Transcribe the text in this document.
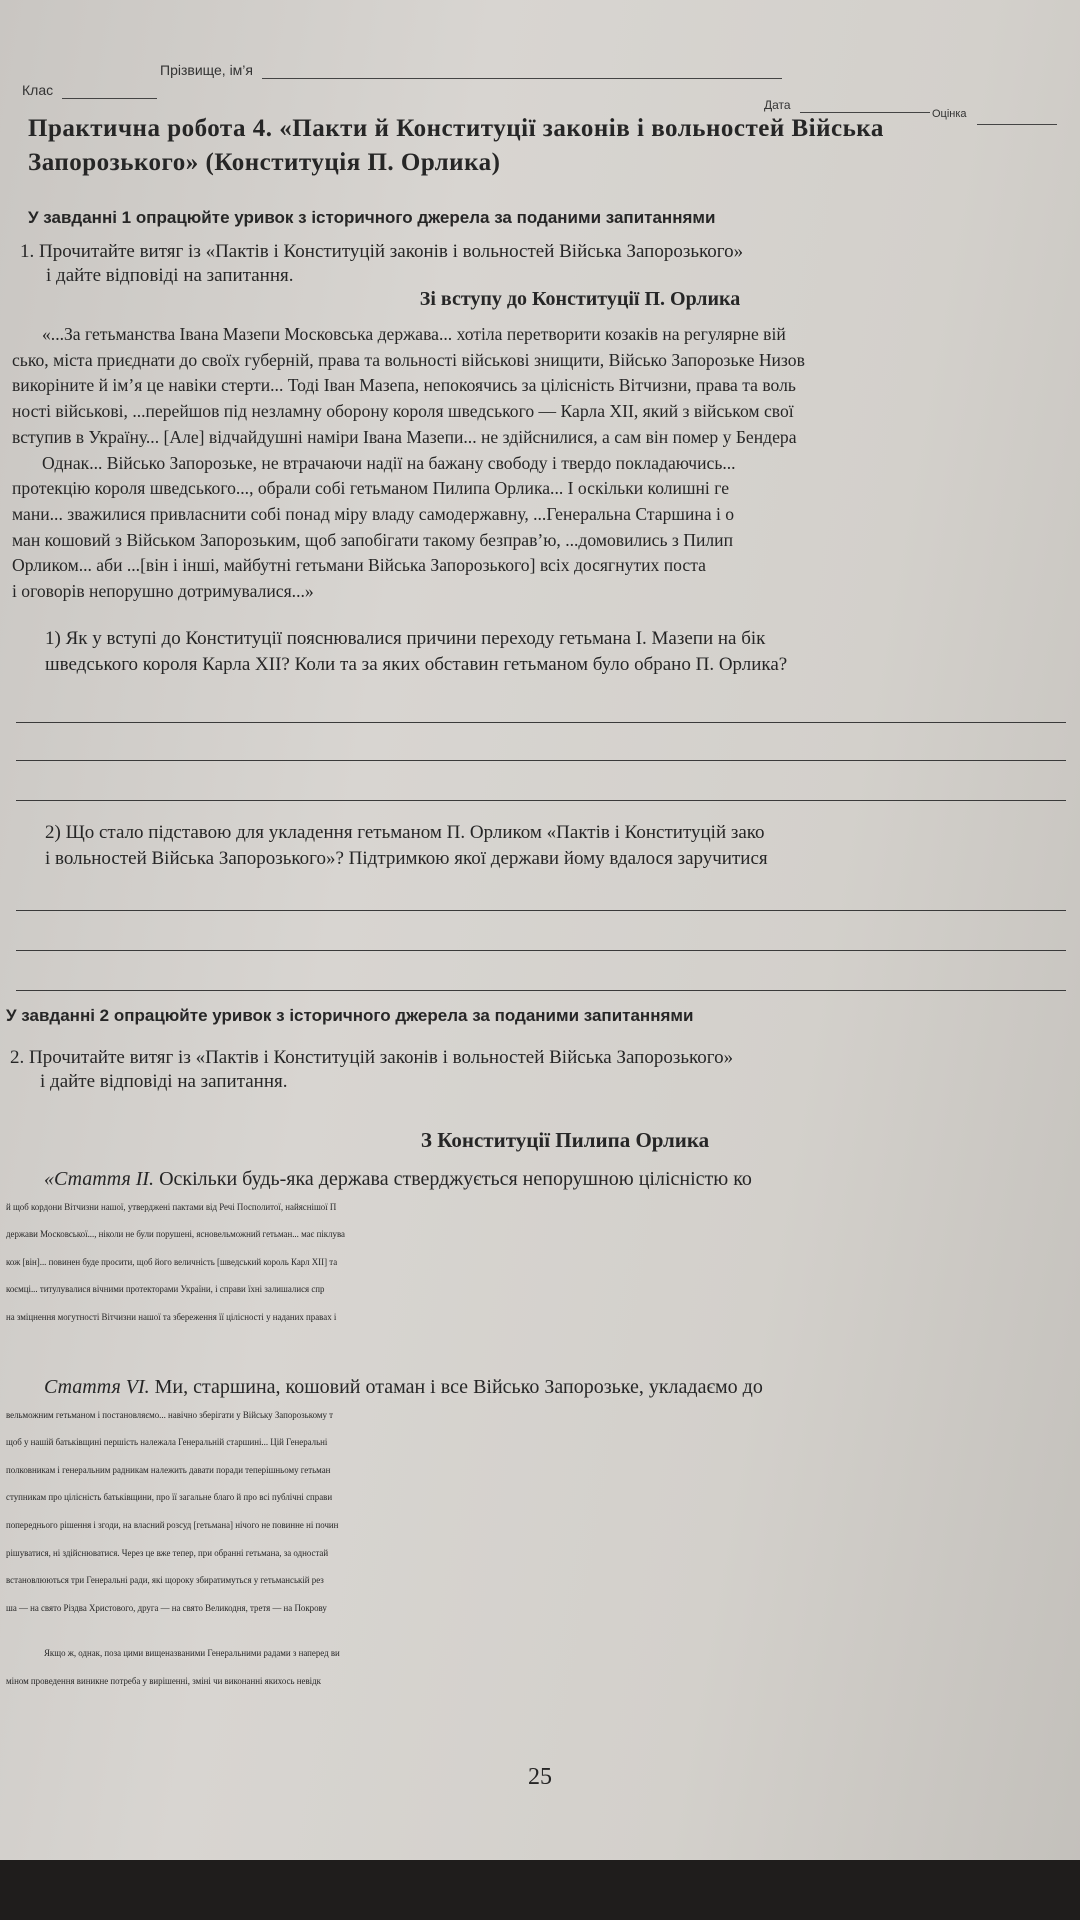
Клас
Прізвище, ім’я
Дата
Оцінка
Практична робота 4. «Пакти й Конституції законів і вольностей Війська
Запорозького» (Конституція П. Орлика)
У завданні 1 опрацюйте уривок з історичного джерела за поданими запитаннями
1. Прочитайте витяг із «Пактів і Конституцій законів і вольностей Війська Запорозького»
і дайте відповіді на запитання.
Зі вступу до Конституції П. Орлика
«...За гетьманства Івана Мазепи Московська держава... хотіла перетворити козаків на регулярне вій
сько, міста приєднати до своїх губерній, права та вольності військові знищити, Військо Запорозьке Низов
викоріните й ім’я це навіки стерти... Тоді Іван Мазепа, непокоячись за цілісність Вітчизни, права та воль
ності військові, ...перейшов під незламну оборону короля шведського — Карла ХІІ, який з військом свої
вступив в Україну... [Але] відчайдушні наміри Івана Мазепи... не здійснилися, а сам він помер у Бендера
Однак... Військо Запорозьке, не втрачаючи надії на бажану свободу і твердо покладаючись...
протекцію короля шведського..., обрали собі гетьманом Пилипа Орлика... І оскільки колишні ге
мани... зважилися привласнити собі понад міру владу самодержавну, ...Генеральна Старшина і о
ман кошовий з Військом Запорозьким, щоб запобігати такому безправ’ю, ...домовились з Пилип
Орликом... аби ...[він і інші, майбутні гетьмани Війська Запорозького] всіх досягнутих поста
і оговорів непорушно дотримувалися...»
1) Як у вступі до Конституції пояснювалися причини переходу гетьмана І. Мазепи на бік
шведського короля Карла ХІІ? Коли та за яких обставин гетьманом було обрано П. Орлика?
2) Що стало підставою для укладення гетьманом П. Орликом «Пактів і Конституцій зако
і вольностей Війська Запорозького»? Підтримкою якої держави йому вдалося заручитися
У завданні 2 опрацюйте уривок з історичного джерела за поданими запитаннями
2. Прочитайте витяг із «Пактів і Конституцій законів і вольностей Війська Запорозького»
і дайте відповіді на запитання.
З Конституції Пилипа Орлика
«Стаття ІІ. Оскільки будь-яка держава стверджується непорушною цілісністю ко
й щоб кордони Вітчизни нашої, утверджені пактами від Речі Посполитої, найяснішої П
держави Московської..., ніколи не були порушені, ясновельможний гетьман... має піклува
кож [він]... повинен буде просити, щоб його величність [шведський король Карл ХІІ] та
коємці... титулувалися вічними протекторами України, і справи їхні залишалися спр
на зміцнення могутності Вітчизни нашої та збереження її цілісності у наданих правах і
Стаття VI. Ми, старшина, кошовий отаман і все Військо Запорозьке, укладаємо до
вельможним гетьманом і постановляємо... навічно зберігати у Війську Запорозькому т
щоб у нашій батьківщині першість належала Генеральній старшині... Цій Генеральні
полковникам і генеральним радникам належить давати поради теперішньому гетьман
ступникам про цілісність батьківщини, про її загальне благо й про всі публічні справи
попереднього рішення і згоди, на власний розсуд [гетьмана] нічого не повинне ні почин
рішуватися, ні здійснюватися. Через це вже тепер, при обранні гетьмана, за одностай
встановлюються три Генеральні ради, які щороку збиратимуться у гетьманській рез
ша — на свято Різдва Христового, друга — на свято Великодня, третя — на Покрову
Якщо ж, однак, поза цими вищеназваними Генеральними радами з наперед ви
міном проведення виникне потреба у вирішенні, зміні чи виконанні якихось невідк
25
